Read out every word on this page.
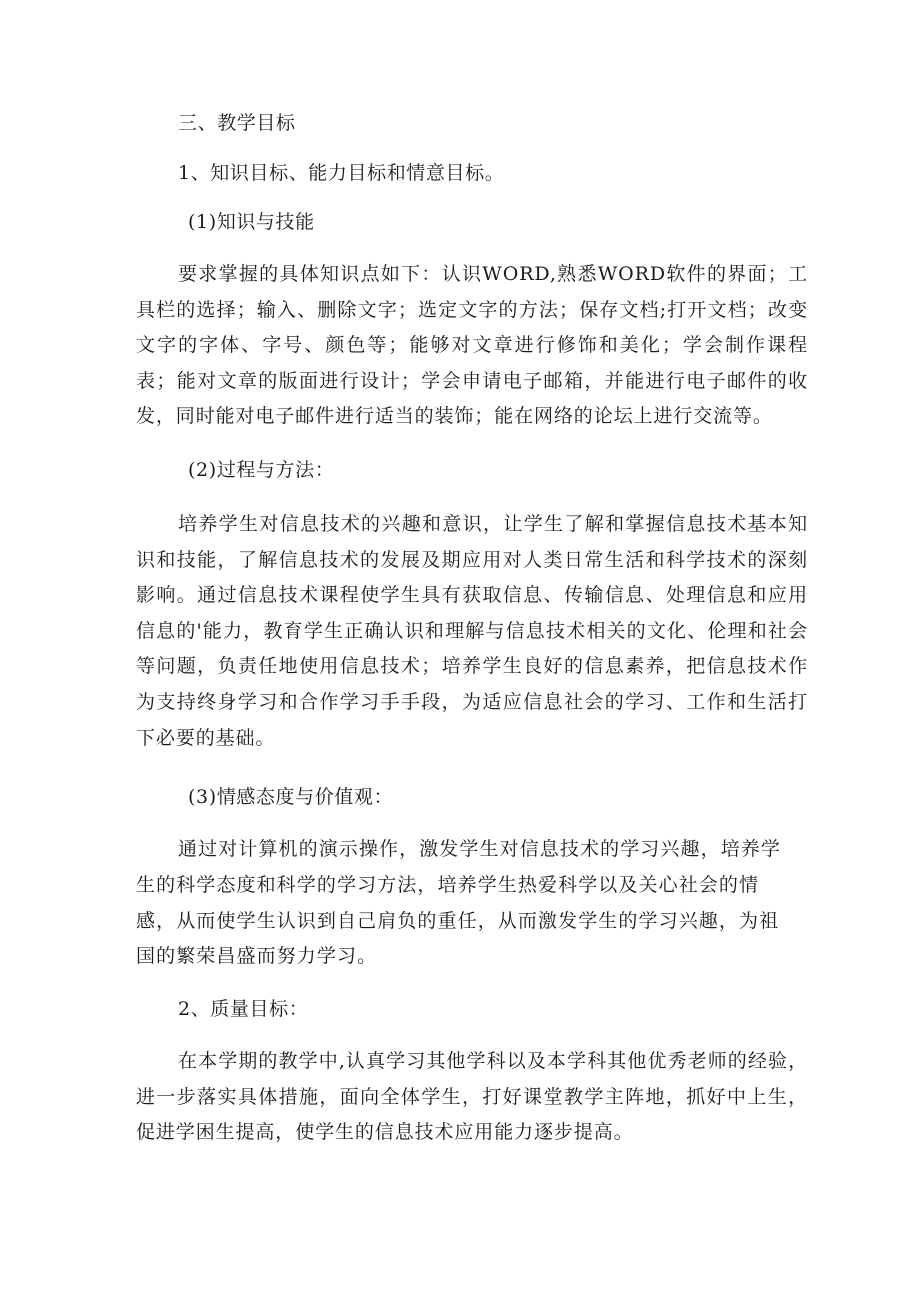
三、教学目标
1、知识目标、能力目标和情意目标。
(1)知识与技能
要求掌握的具体知识点如下：认识WORD,熟悉WORD软件的界面；工具栏的选择；输入、删除文字；选定文字的方法；保存文档;打开文档；改变文字的字体、字号、颜色等；能够对文章进行修饰和美化；学会制作课程表；能对文章的版面进行设计；学会申请电子邮箱，并能进行电子邮件的收发，同时能对电子邮件进行适当的装饰；能在网络的论坛上进行交流等。
(2)过程与方法：
培养学生对信息技术的兴趣和意识，让学生了解和掌握信息技术基本知识和技能，了解信息技术的发展及期应用对人类日常生活和科学技术的深刻影响。通过信息技术课程使学生具有获取信息、传输信息、处理信息和应用信息的'能力，教育学生正确认识和理解与信息技术相关的文化、伦理和社会等问题，负责任地使用信息技术；培养学生良好的信息素养，把信息技术作为支持终身学习和合作学习手手段，为适应信息社会的学习、工作和生活打下必要的基础。
(3)情感态度与价值观：
通过对计算机的演示操作，激发学生对信息技术的学习兴趣，培养学生的科学态度和科学的学习方法，培养学生热爱科学以及关心社会的情感，从而使学生认识到自己肩负的重任，从而激发学生的学习兴趣，为祖国的繁荣昌盛而努力学习。
2、质量目标：
在本学期的教学中,认真学习其他学科以及本学科其他优秀老师的经验，进一步落实具体措施，面向全体学生，打好课堂教学主阵地，抓好中上生，促进学困生提高，使学生的信息技术应用能力逐步提高。
